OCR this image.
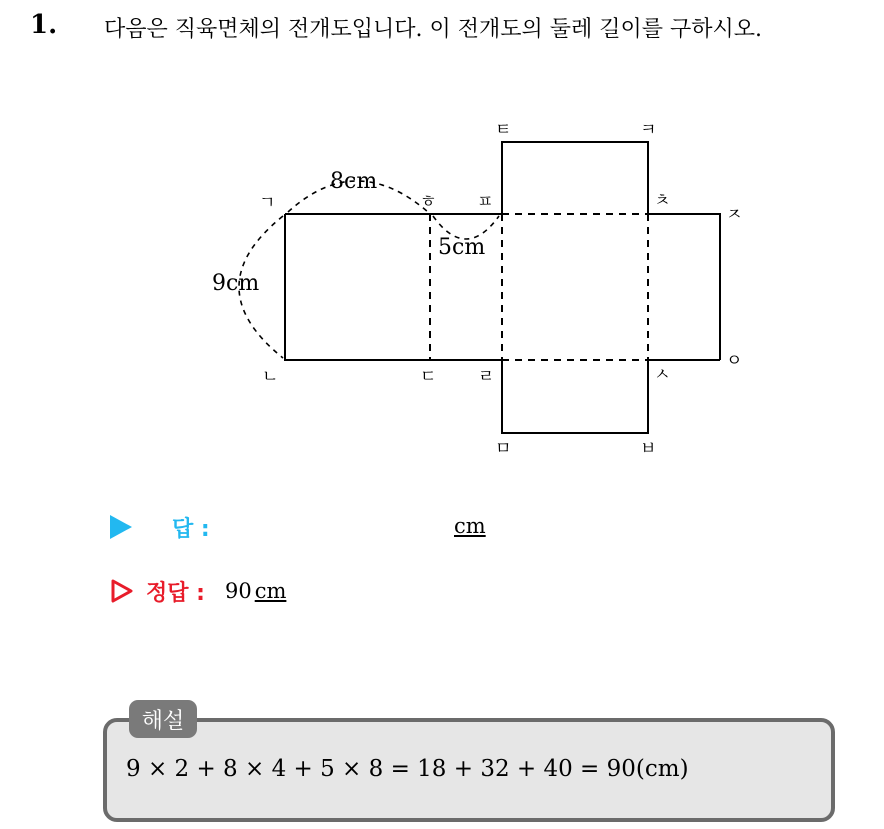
1. 다음은 직육면체의 전개도입니다. 이 전개도의 둘레 길이를 구하시오.
8cm
9cm
5cm
ㄱ
ㄴ	ㄷ ㄹ
ㅁ	ㅂ
ㅅ
ㅇ
ㅈ
ㅊ
ㅋ
ㅌ
ㅍ
ㅎ
답 :	cm
정답 : 90 cm
해설
9 × 2 + 8 × 4 + 5 × 8 = 18 + 32 + 40 = 90(cm)
